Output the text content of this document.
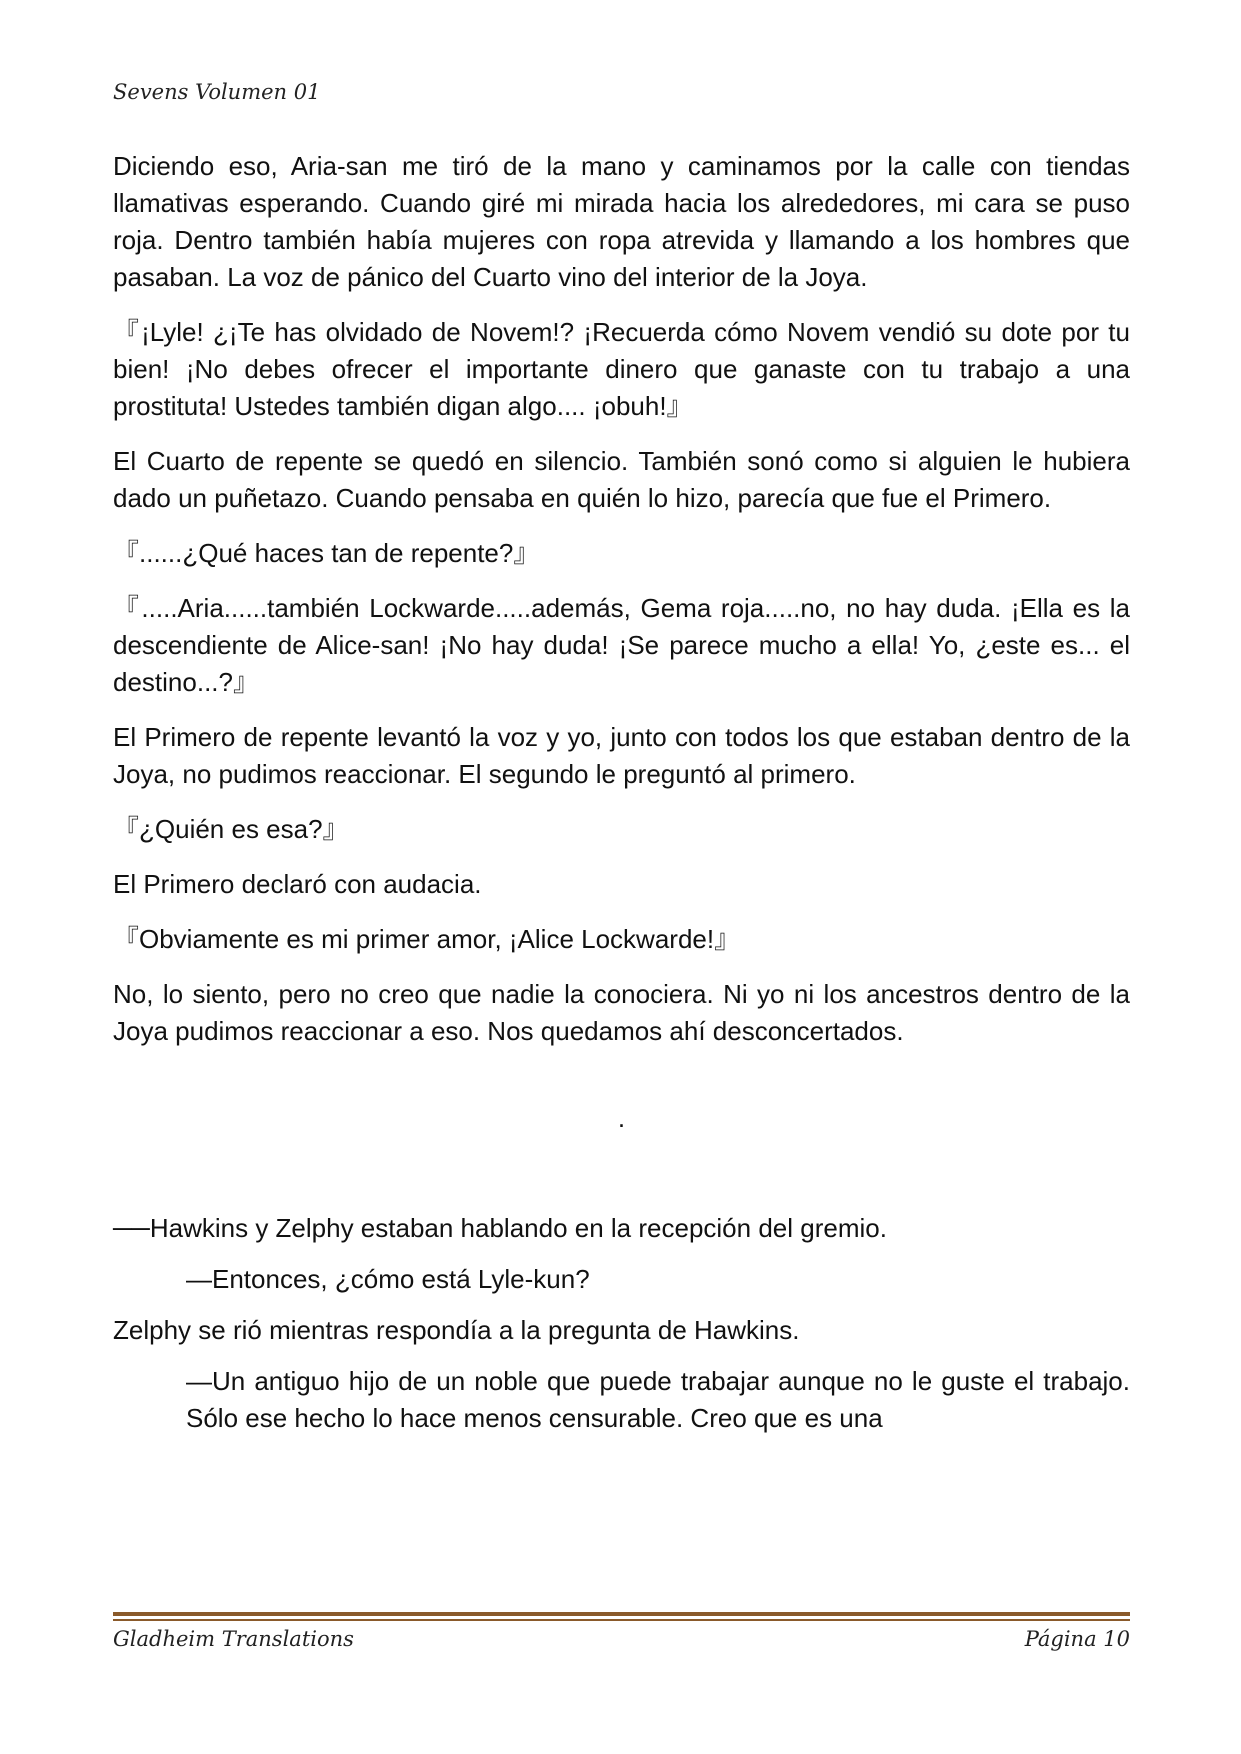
Sevens Volumen 01

Diciendo eso, Aria-san me tiró de la mano y caminamos por la calle con tiendas llamativas esperando. Cuando giré mi mirada hacia los alrededores, mi cara se puso roja. Dentro también había mujeres con ropa atrevida y llamando a los hombres que pasaban. La voz de pánico del Cuarto vino del interior de la Joya.

『¡Lyle! ¿¡Te has olvidado de Novem!? ¡Recuerda cómo Novem vendió su dote por tu bien! ¡No debes ofrecer el importante dinero que ganaste con tu trabajo a una prostituta! Ustedes también digan algo.... ¡obuh!』

El Cuarto de repente se quedó en silencio. También sonó como si alguien le hubiera dado un puñetazo. Cuando pensaba en quién lo hizo, parecía que fue el Primero.

『......¿Qué haces tan de repente?』

『.....Aria......también Lockwarde.....además, Gema roja.....no, no hay duda. ¡Ella es la descendiente de Alice-san! ¡No hay duda! ¡Se parece mucho a ella! Yo, ¿este es... el destino...?』

El Primero de repente levantó la voz y yo, junto con todos los que estaban dentro de la Joya, no pudimos reaccionar. El segundo le preguntó al primero.

『¿Quién es esa?』

El Primero declaró con audacia.

『Obviamente es mi primer amor, ¡Alice Lockwarde!』

No, lo siento, pero no creo que nadie la conociera. Ni yo ni los ancestros dentro de la Joya pudimos reaccionar a eso. Nos quedamos ahí desconcertados.

.

──Hawkins y Zelphy estaban hablando en la recepción del gremio.

—Entonces, ¿cómo está Lyle-kun?

Zelphy se rió mientras respondía a la pregunta de Hawkins.

—Un antiguo hijo de un noble que puede trabajar aunque no le guste el trabajo. Sólo ese hecho lo hace menos censurable. Creo que es una

Gladheim Translations	Página 10
